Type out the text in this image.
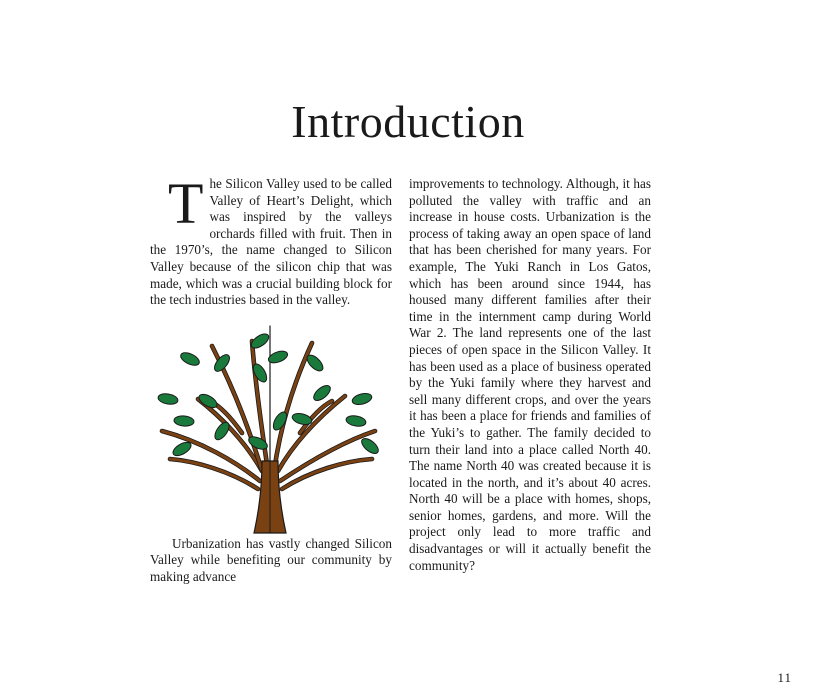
Introduction

The Silicon Valley used to be called Valley of Heart’s Delight, which was inspired by the valleys orchards filled with fruit. Then in the 1970’s, the name changed to Silicon Valley because of the silicon chip that was made, which was a crucial building block for the tech industries based in the valley.

Urbanization has vastly changed Silicon Valley while benefiting our community by making advance

improvements to technology. Although, it has polluted the valley with traffic and an increase in house costs. Urbanization is the process of taking away an open space of land that has been cherished for many years. For example, The Yuki Ranch in Los Gatos, which has been around since 1944, has housed many different families after their time in the internment camp during World War 2. The land represents one of the last pieces of open space in the Silicon Valley. It has been used as a place of business operated by the Yuki family where they harvest and sell many different crops, and over the years it has been a place for friends and families of the Yuki’s to gather. The family decided to turn their land into a place called North 40. The name North 40 was created because it is located in the north, and it’s about 40 acres. North 40 will be a place with homes, shops, senior homes, gardens, and more. Will the project only lead to more traffic and disadvantages or will it actually benefit the community?

11
